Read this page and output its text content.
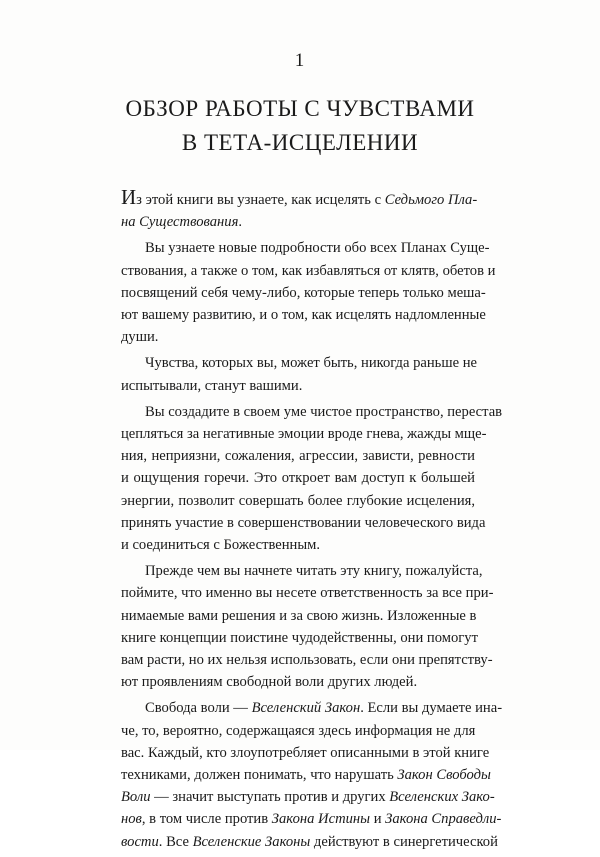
1
ОБЗОР РАБОТЫ С ЧУВСТВАМИ
В ТЕТА-ИСЦЕЛЕНИИ
Из этой книги вы узнаете, как исцелять с Седьмого Пла-
на Существования.
Вы узнаете новые подробности обо всех Планах Суще-
ствования, а также о том, как избавляться от клятв, обетов и
посвящений себя чему-либо, которые теперь только меша-
ют вашему развитию, и о том, как исцелять надломленные
души.
Чувства, которых вы, может быть, никогда раньше не
испытывали, станут вашими.
Вы создадите в своем уме чистое пространство, перестав
цепляться за негативные эмоции вроде гнева, жажды мще-
ния, неприязни, сожаления, агрессии, зависти, ревности
и ощущения горечи. Это откроет вам доступ к большей
энергии, позволит совершать более глубокие исцеления,
принять участие в совершенствовании человеческого вида
и соединиться с Божественным.
Прежде чем вы начнете читать эту книгу, пожалуйста,
поймите, что именно вы несете ответственность за все при-
нимаемые вами решения и за свою жизнь. Изложенные в
книге концепции поистине чудодейственны, они помогут
вам расти, но их нельзя использовать, если они препятству-
ют проявлениям свободной воли других людей.
Свобода воли — Вселенский Закон. Если вы думаете ина-
че, то, вероятно, содержащаяся здесь информация не для
вас. Каждый, кто злоупотребляет описанными в этой книге
техниками, должен понимать, что нарушать Закон Свободы
Воли — значит выступать против и других Вселенских Зако-
нов, в том числе против Закона Истины и Закона Справедли-
вости. Все Вселенские Законы действуют в синергетической
